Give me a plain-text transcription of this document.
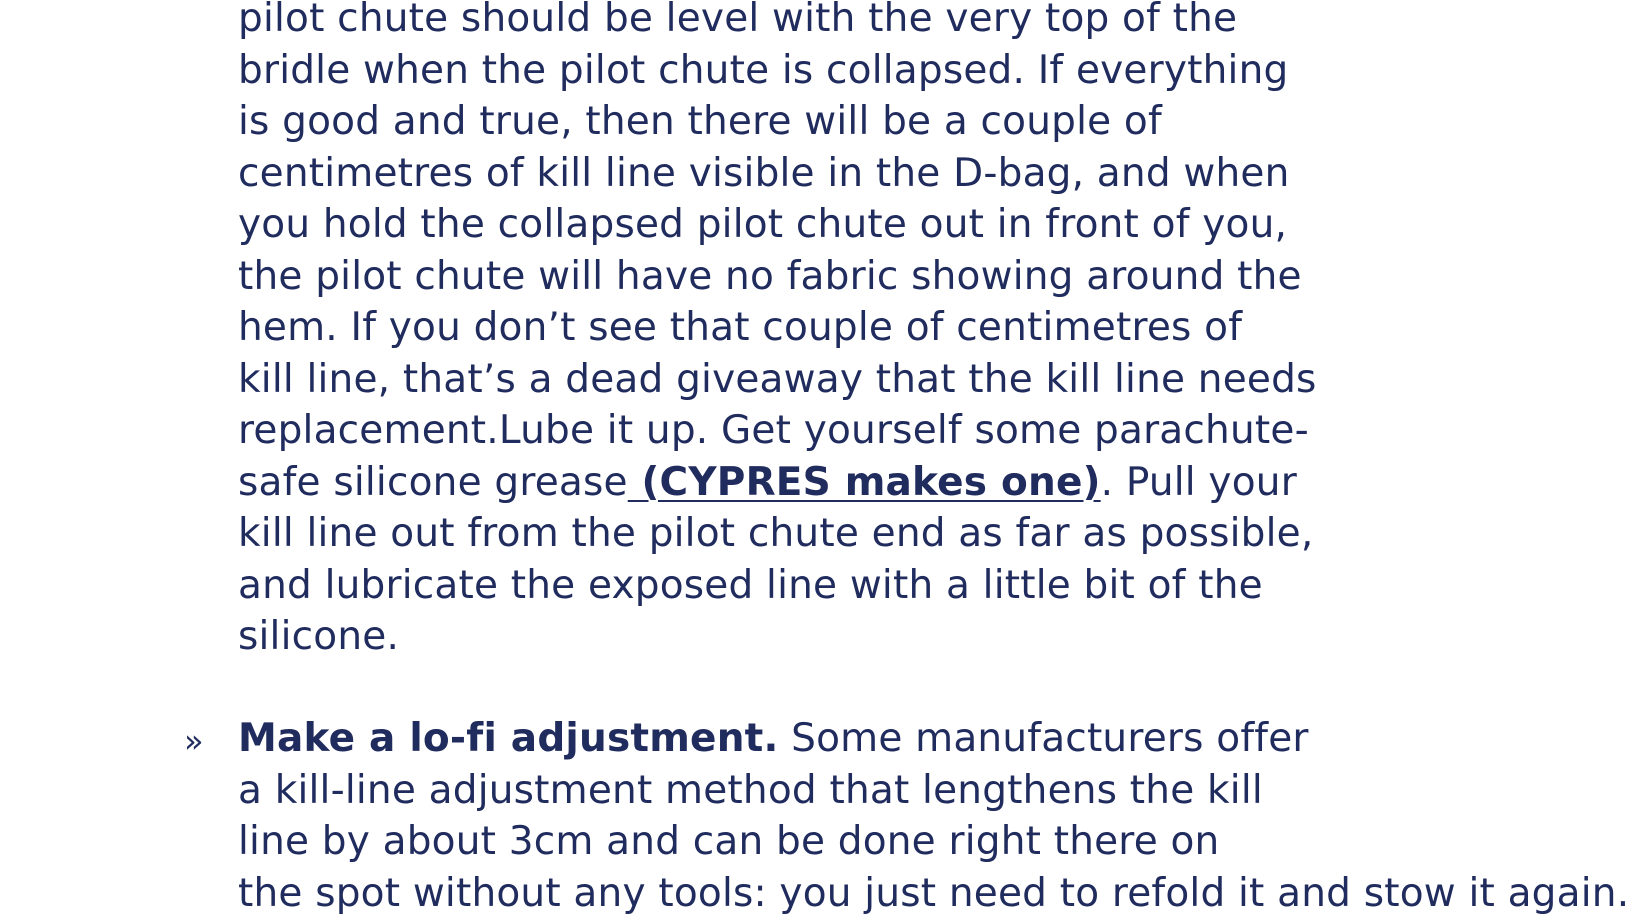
pilot chute should be level with the very top of the
bridle when the pilot chute is collapsed. If everything
is good and true, then there will be a couple of
centimetres of kill line visible in the D-bag, and when
you hold the collapsed pilot chute out in front of you,
the pilot chute will have no fabric showing around the
hem. If you don’t see that couple of centimetres of
kill line, that’s a dead giveaway that the kill line needs
replacement.Lube it up. Get yourself some parachute-
safe silicone grease (CYPRES makes one). Pull your
kill line out from the pilot chute end as far as possible,
and lubricate the exposed line with a little bit of the
silicone.

» Make a lo-fi adjustment. Some manufacturers offer
a kill-line adjustment method that lengthens the kill
line by about 3cm and can be done right there on
the spot without any tools: you just need to refold it and stow it again.
